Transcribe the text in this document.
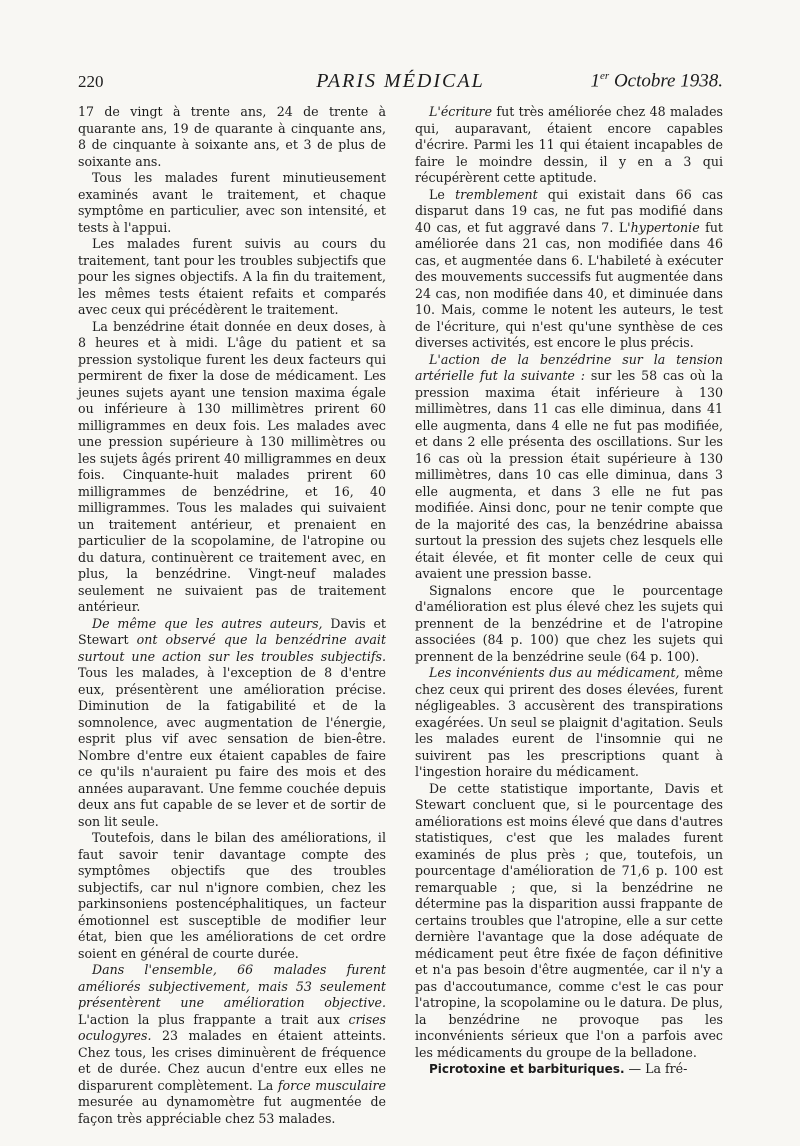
220	PARIS MÉDICAL	1er Octobre 1938.

17 de vingt à trente ans, 24 de trente à quarante ans, 19 de quarante à cinquante ans, 8 de cinquante à soixante ans, et 3 de plus de soixante ans.

Tous les malades furent minutieusement examinés avant le traitement, et chaque symptôme en particulier, avec son intensité, et tests à l'appui.

Les malades furent suivis au cours du traitement, tant pour les troubles subjectifs que pour les signes objectifs. A la fin du traitement, les mêmes tests étaient refaits et comparés avec ceux qui précédèrent le traitement.

La benzédrine était donnée en deux doses, à 8 heures et à midi. L'âge du patient et sa pression systolique furent les deux facteurs qui permirent de fixer la dose de médicament. Les jeunes sujets ayant une tension maxima égale ou inférieure à 130 millimètres prirent 60 milligrammes en deux fois. Les malades avec une pression supérieure à 130 millimètres ou les sujets âgés prirent 40 milligrammes en deux fois. Cinquante-huit malades prirent 60 milligrammes de benzédrine, et 16, 40 milligrammes. Tous les malades qui suivaient un traitement antérieur, et prenaient en particulier de la scopolamine, de l'atropine ou du datura, continuèrent ce traitement avec, en plus, la benzédrine. Vingt-neuf malades seulement ne suivaient pas de traitement antérieur.

De même que les autres auteurs, Davis et Stewart ont observé que la benzédrine avait surtout une action sur les troubles subjectifs. Tous les malades, à l'exception de 8 d'entre eux, présentèrent une amélioration précise. Diminution de la fatigabilité et de la somnolence, avec augmentation de l'énergie, esprit plus vif avec sensation de bien-être. Nombre d'entre eux étaient capables de faire ce qu'ils n'auraient pu faire des mois et des années auparavant. Une femme couchée depuis deux ans fut capable de se lever et de sortir de son lit seule.

Toutefois, dans le bilan des améliorations, il faut savoir tenir davantage compte des symptômes objectifs que des troubles subjectifs, car nul n'ignore combien, chez les parkinsoniens postencéphalitiques, un facteur émotionnel est susceptible de modifier leur état, bien que les améliorations de cet ordre soient en général de courte durée.

Dans l'ensemble, 66 malades furent améliorés subjectivement, mais 53 seulement présentèrent une amélioration objective. L'action la plus frappante a trait aux crises oculogyres. 23 malades en étaient atteints. Chez tous, les crises diminuèrent de fréquence et de durée. Chez aucun d'entre eux elles ne disparurent complètement. La force musculaire mesurée au dynamomètre fut augmentée de façon très appréciable chez 53 malades.

L'écriture fut très améliorée chez 48 malades qui, auparavant, étaient encore capables d'écrire. Parmi les 11 qui étaient incapables de faire le moindre dessin, il y en a 3 qui récupérèrent cette aptitude.

Le tremblement qui existait dans 66 cas disparut dans 19 cas, ne fut pas modifié dans 40 cas, et fut aggravé dans 7. L'hypertonie fut améliorée dans 21 cas, non modifiée dans 46 cas, et augmentée dans 6. L'habileté à exécuter des mouvements successifs fut augmentée dans 24 cas, non modifiée dans 40, et diminuée dans 10. Mais, comme le notent les auteurs, le test de l'écriture, qui n'est qu'une synthèse de ces diverses activités, est encore le plus précis.

L'action de la benzédrine sur la tension artérielle fut la suivante : sur les 58 cas où la pression maxima était inférieure à 130 millimètres, dans 11 cas elle diminua, dans 41 elle augmenta, dans 4 elle ne fut pas modifiée, et dans 2 elle présenta des oscillations. Sur les 16 cas où la pression était supérieure à 130 millimètres, dans 10 cas elle diminua, dans 3 elle augmenta, et dans 3 elle ne fut pas modifiée. Ainsi donc, pour ne tenir compte que de la majorité des cas, la benzédrine abaissa surtout la pression des sujets chez lesquels elle était élevée, et fit monter celle de ceux qui avaient une pression basse.

Signalons encore que le pourcentage d'amélioration est plus élevé chez les sujets qui prennent de la benzédrine et de l'atropine associées (84 p. 100) que chez les sujets qui prennent de la benzédrine seule (64 p. 100).

Les inconvénients dus au médicament, même chez ceux qui prirent des doses élevées, furent négligeables. 3 accusèrent des transpirations exagérées. Un seul se plaignit d'agitation. Seuls les malades eurent de l'insomnie qui ne suivirent pas les prescriptions quant à l'ingestion horaire du médicament.

De cette statistique importante, Davis et Stewart concluent que, si le pourcentage des améliorations est moins élevé que dans d'autres statistiques, c'est que les malades furent examinés de plus près ; que, toutefois, un pourcentage d'amélioration de 71,6 p. 100 est remarquable ; que, si la benzédrine ne détermine pas la disparition aussi frappante de certains troubles que l'atropine, elle a sur cette dernière l'avantage que la dose adéquate de médicament peut être fixée de façon définitive et n'a pas besoin d'être augmentée, car il n'y a pas d'accoutumance, comme c'est le cas pour l'atropine, la scopolamine ou le datura. De plus, la benzédrine ne provoque pas les inconvénients sérieux que l'on a parfois avec les médicaments du groupe de la belladone.

Picrotoxine et barbituriques. — La fré-
